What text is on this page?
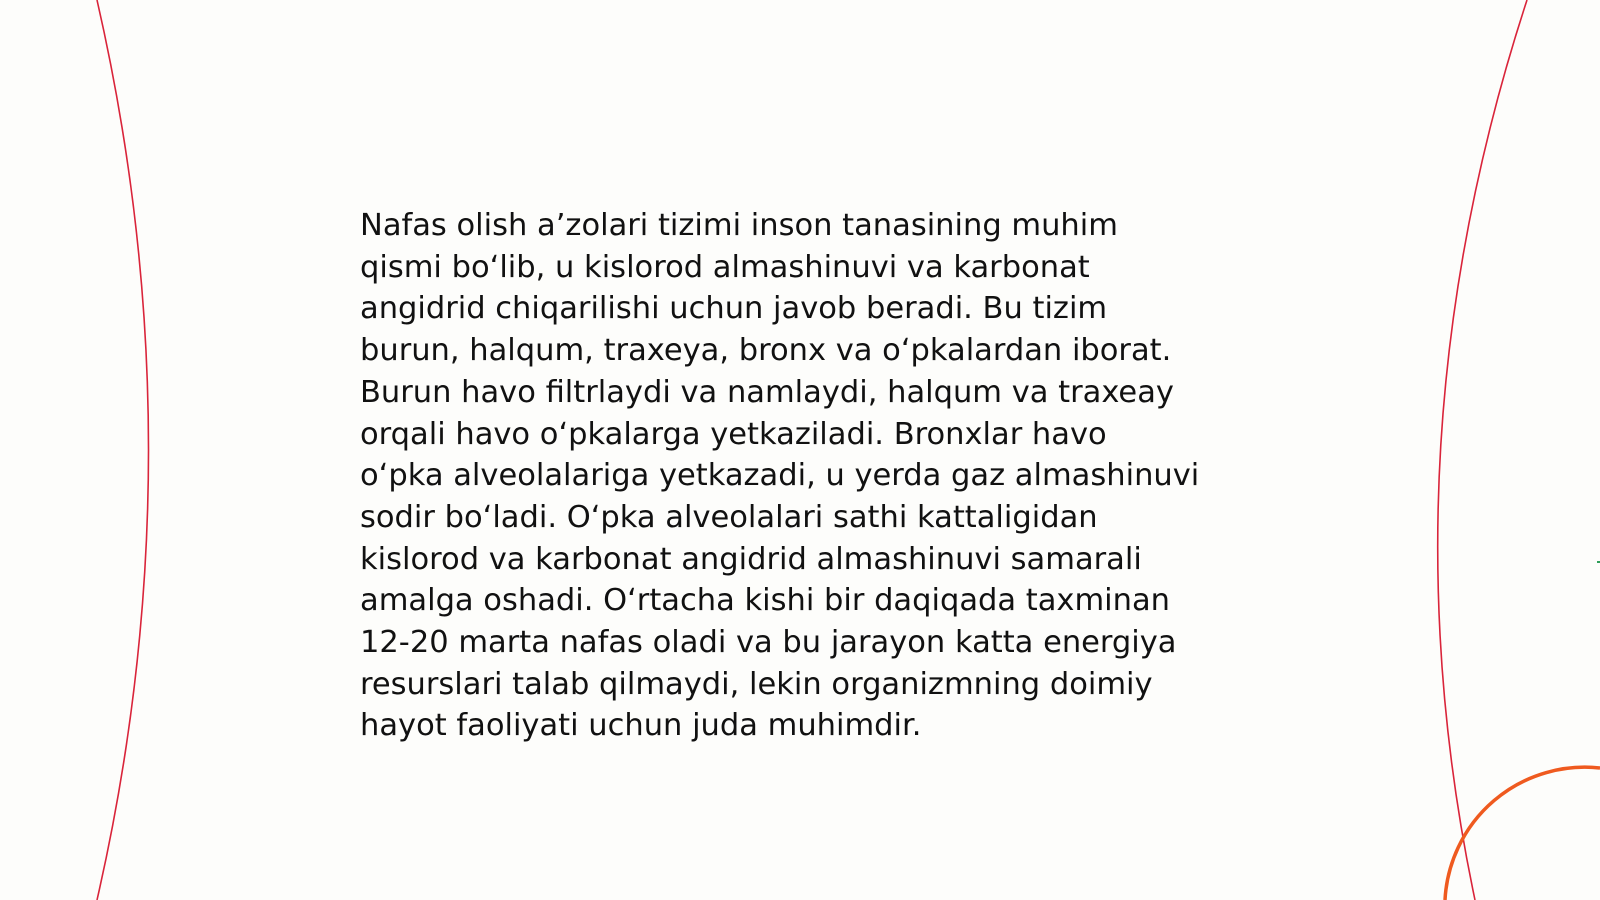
Nafas olish a’zolari tizimi inson tanasining muhim
qismi bo‘lib, u kislorod almashinuvi va karbonat
angidrid chiqarilishi uchun javob beradi. Bu tizim
burun, halqum, traxeya, bronx va o‘pkalardan iborat.
Burun havo filtrlaydi va namlaydi, halqum va traxeay
orqali havo o‘pkalarga yetkaziladi. Bronxlar havo
o‘pka alveolalariga yetkazadi, u yerda gaz almashinuvi
sodir bo‘ladi. O‘pka alveolalari sathi kattaligidan
kislorod va karbonat angidrid almashinuvi samarali
amalga oshadi. O‘rtacha kishi bir daqiqada taxminan
12-20 marta nafas oladi va bu jarayon katta energiya
resurslari talab qilmaydi, lekin organizmning doimiy
hayot faoliyati uchun juda muhimdir.
